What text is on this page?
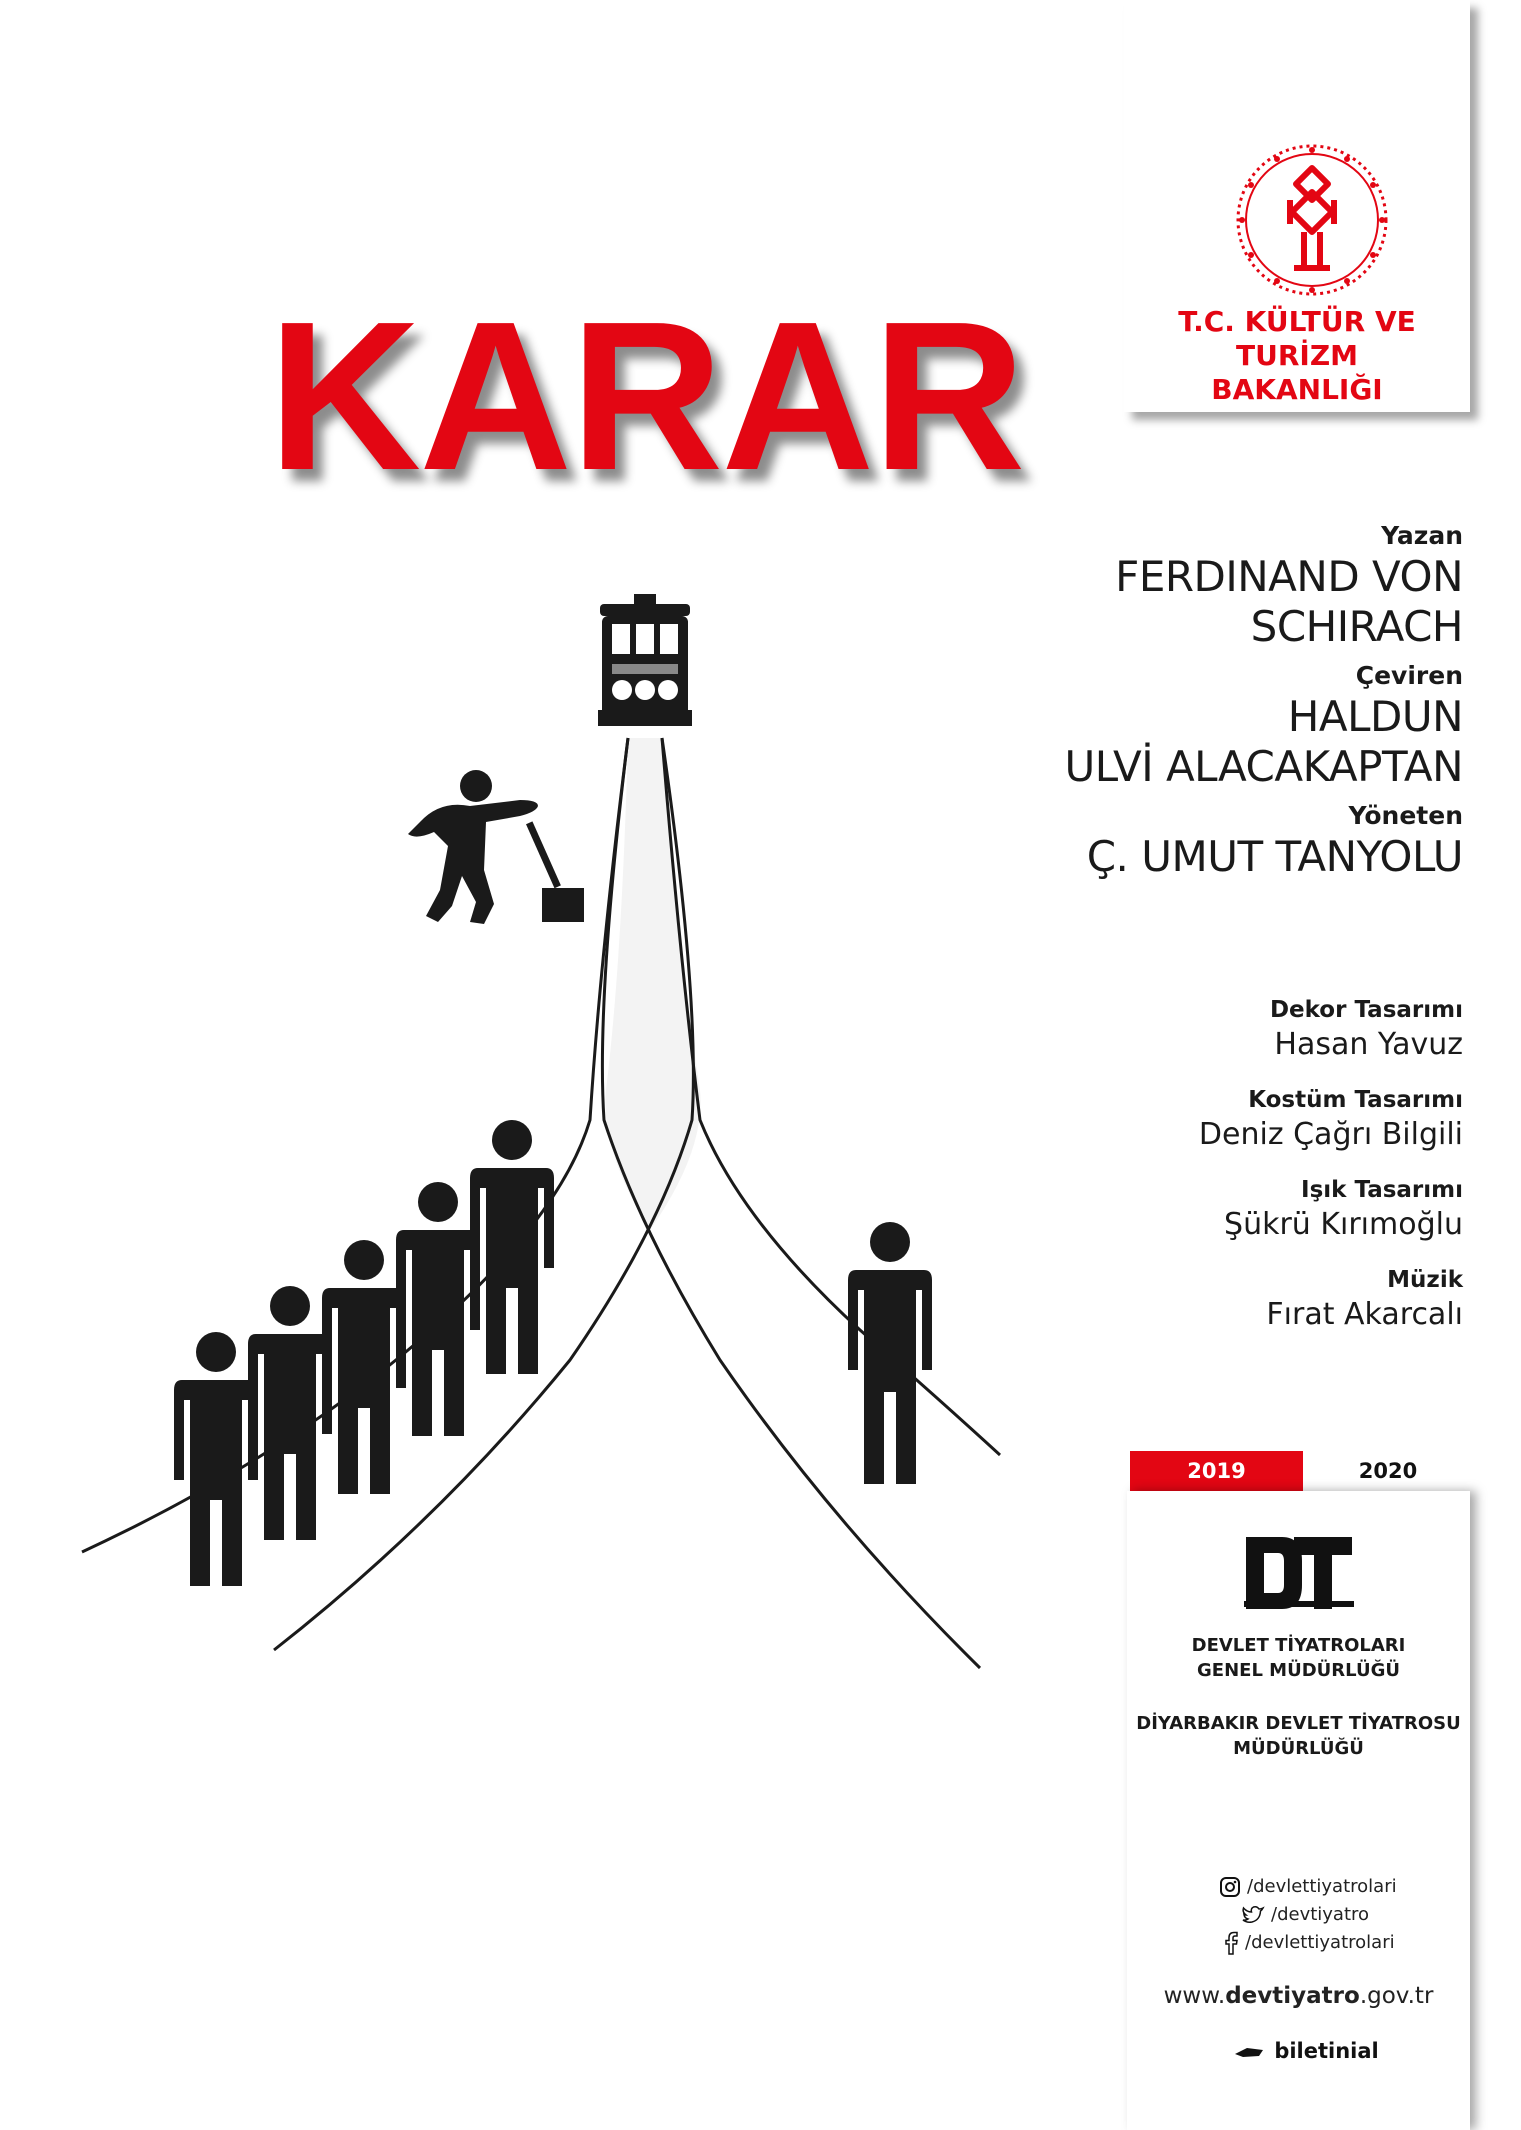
T.C. KÜLTÜR VE TURİZM
BAKANLIĞI
KARAR
Yazan
FERDINAND VON
SCHIRACH
Çeviren
HALDUN
ULVİ ALACAKAPTAN
Yöneten
Ç. UMUT TANYOLU
Dekor Tasarımı
Hasan Yavuz
Kostüm Tasarımı
Deniz Çağrı Bilgili
Işık Tasarımı
Şükrü Kırımoğlu
Müzik
Fırat Akarcalı
2019	2020
DEVLET TİYATROLARI
GENEL MÜDÜRLÜĞÜ
DİYARBAKIR DEVLET TİYATROSU
MÜDÜRLÜĞÜ
/devlettiyatrolari
/devtiyatro
/devlettiyatrolari
www.devtiyatro.gov.tr
biletinial
